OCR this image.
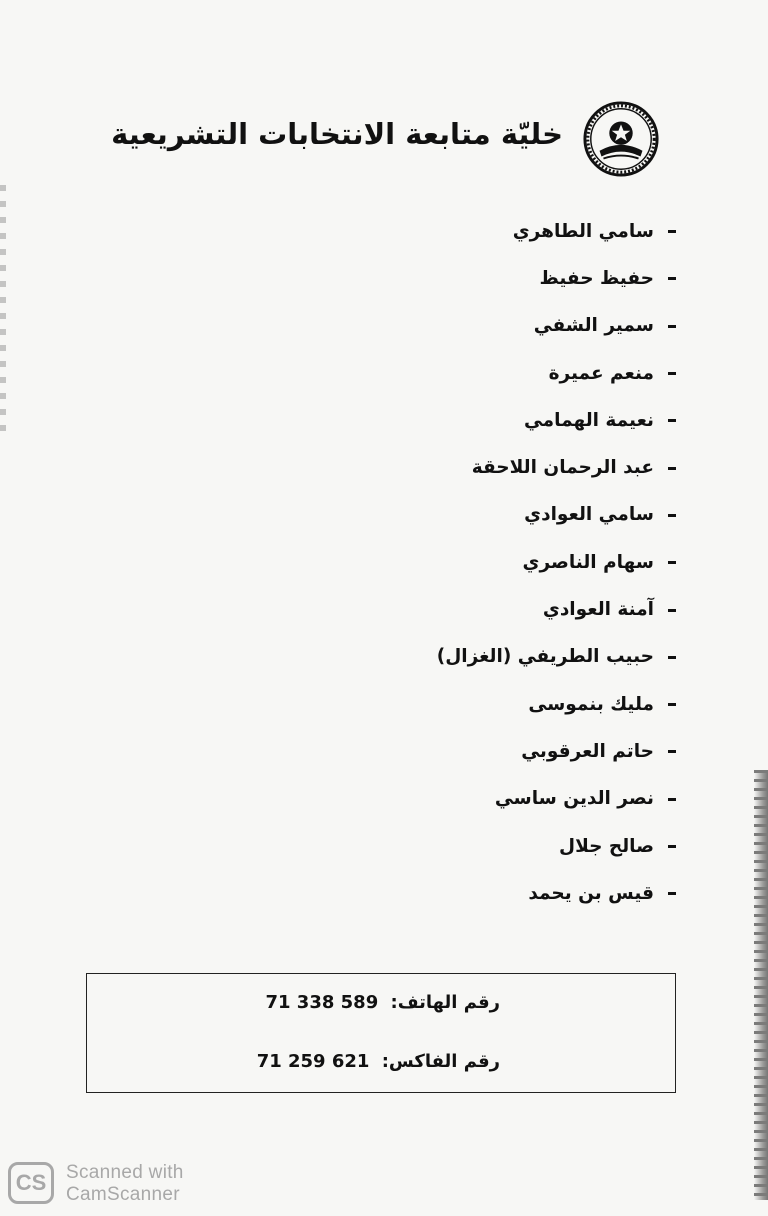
خليّة متابعة الانتخابات التشريعية
سامي الطاهري
حفيظ حفيظ
سمير الشفي
منعم عميرة
نعيمة الهمامي
عبد الرحمان اللاحقة
سامي العوادي
سهام الناصري
آمنة العوادي
حبيب الطريفي (الغزال)
مليك بنموسى
حاتم العرقوبي
نصر الدين ساسي
صالح جلال
قيس بن يحمد
رقم الهاتف: 71 338 589
رقم الفاكس: 71 259 621
CS	Scanned with
CamScanner
